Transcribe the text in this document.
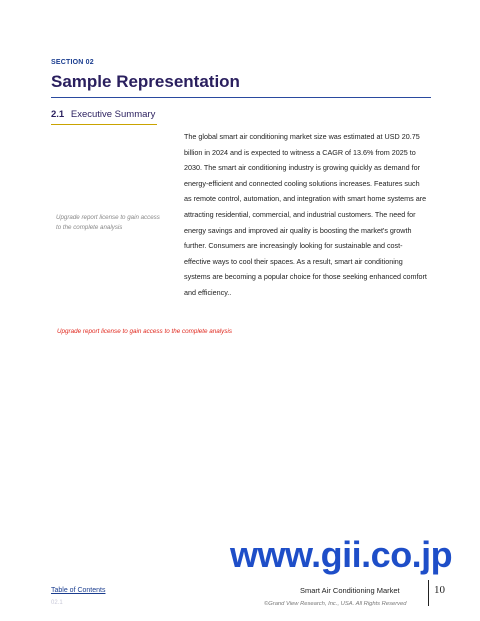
SECTION 02
Sample Representation
2.1 Executive Summary
Upgrade report license to gain access to the complete analysis
The global smart air conditioning market size was estimated at USD 20.75 billion in 2024 and is expected to witness a CAGR of 13.6% from 2025 to 2030. The smart air conditioning industry is growing quickly as demand for energy-efficient and connected cooling solutions increases. Features such as remote control, automation, and integration with smart home systems are attracting residential, commercial, and industrial customers. The need for energy savings and improved air quality is boosting the market's growth further. Consumers are increasingly looking for sustainable and cost-effective ways to cool their spaces. As a result, smart air conditioning systems are becoming a popular choice for those seeking enhanced comfort and efficiency..
Upgrade report license to gain access to the complete analysis
www.gii.co.jp
Table of Contents
02.1
Smart Air Conditioning Market
©Grand View Research, Inc., USA. All Rights Reserved
10
